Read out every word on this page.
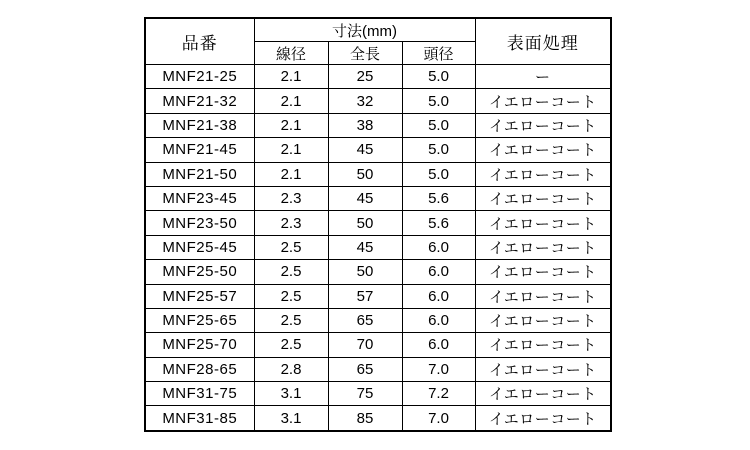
品番	寸法(mm)			表面処理
	線径	全長	頭径	
MNF21-25	2.1	25	5.0	ー
MNF21-32	2.1	32	5.0	イエローコート
MNF21-38	2.1	38	5.0	イエローコート
MNF21-45	2.1	45	5.0	イエローコート
MNF21-50	2.1	50	5.0	イエローコート
MNF23-45	2.3	45	5.6	イエローコート
MNF23-50	2.3	50	5.6	イエローコート
MNF25-45	2.5	45	6.0	イエローコート
MNF25-50	2.5	50	6.0	イエローコート
MNF25-57	2.5	57	6.0	イエローコート
MNF25-65	2.5	65	6.0	イエローコート
MNF25-70	2.5	70	6.0	イエローコート
MNF28-65	2.8	65	7.0	イエローコート
MNF31-75	3.1	75	7.2	イエローコート
MNF31-85	3.1	85	7.0	イエローコート
